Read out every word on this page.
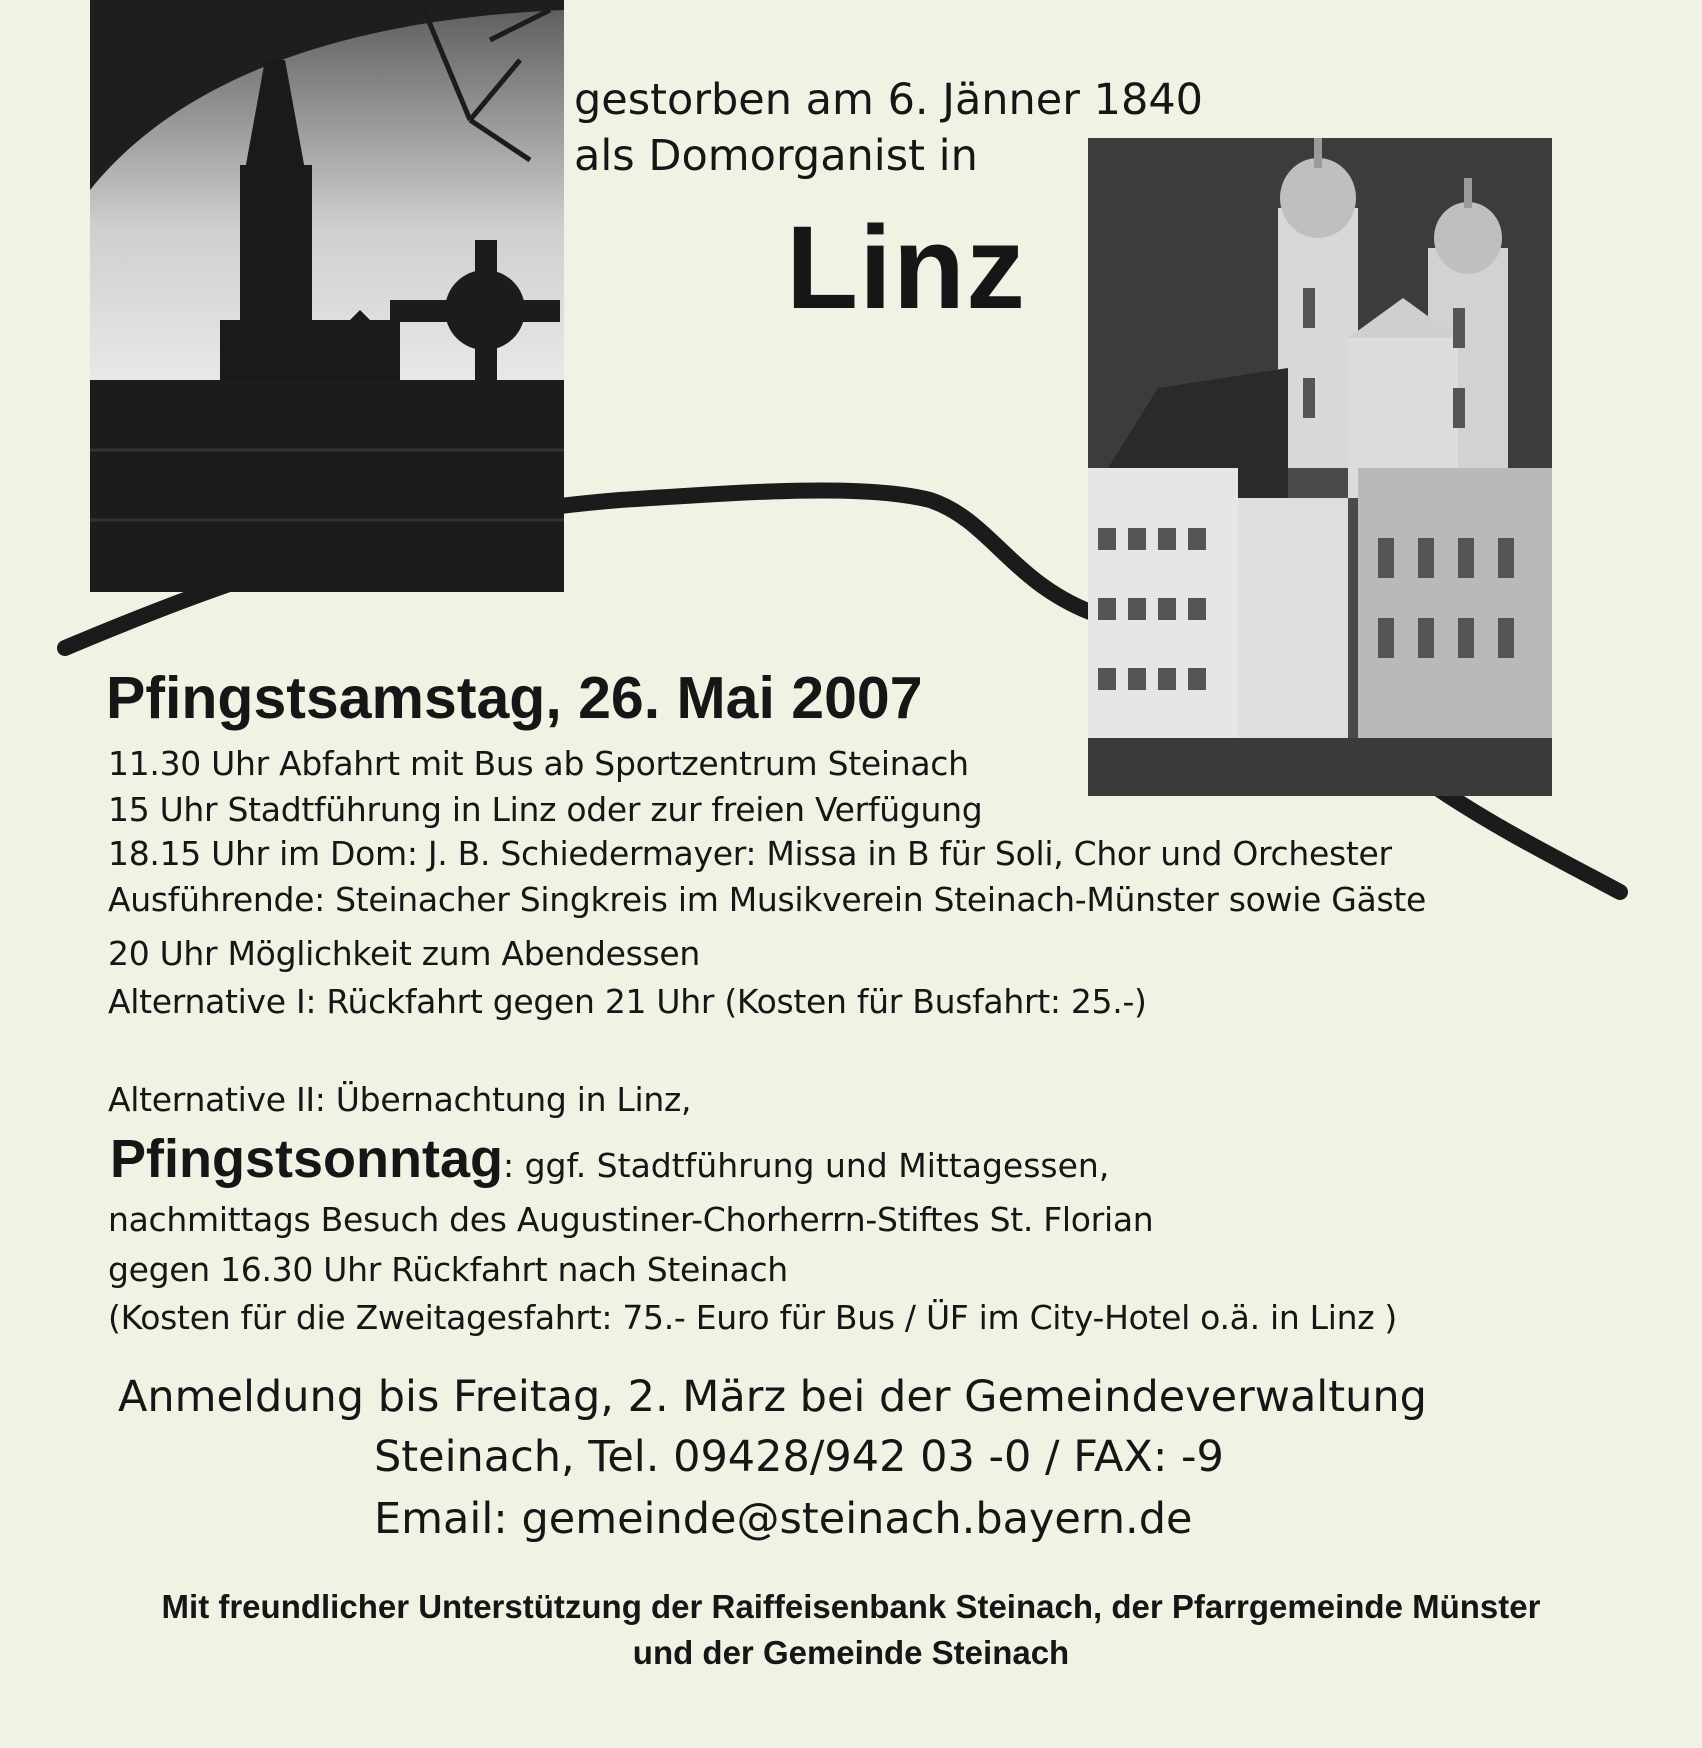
gestorben am 6. Jänner 1840
als Domorganist in
Linz
Pfingstsamstag, 26. Mai 2007
11.30 Uhr Abfahrt mit Bus ab Sportzentrum Steinach
15 Uhr Stadtführung in Linz oder zur freien Verfügung
18.15 Uhr im Dom: J. B. Schiedermayer: Missa in B für Soli, Chor und Orchester
Ausführende: Steinacher Singkreis im Musikverein Steinach-Münster sowie Gäste
20 Uhr Möglichkeit zum Abendessen
Alternative I: Rückfahrt gegen 21 Uhr (Kosten für Busfahrt: 25.-)
Alternative II: Übernachtung in Linz,
Pfingstsonntag: ggf. Stadtführung und Mittagessen,
nachmittags Besuch des Augustiner-Chorherrn-Stiftes St. Florian
gegen 16.30 Uhr Rückfahrt nach Steinach
(Kosten für die Zweitagesfahrt: 75.- Euro für Bus / ÜF im City-Hotel o.ä. in Linz )
Anmeldung bis Freitag, 2. März bei der Gemeindeverwaltung
Steinach, Tel. 09428/942 03 -0 / FAX: -9
Email: gemeinde@steinach.bayern.de
Mit freundlicher Unterstützung der Raiffeisenbank Steinach, der Pfarrgemeinde Münster
und der Gemeinde Steinach
